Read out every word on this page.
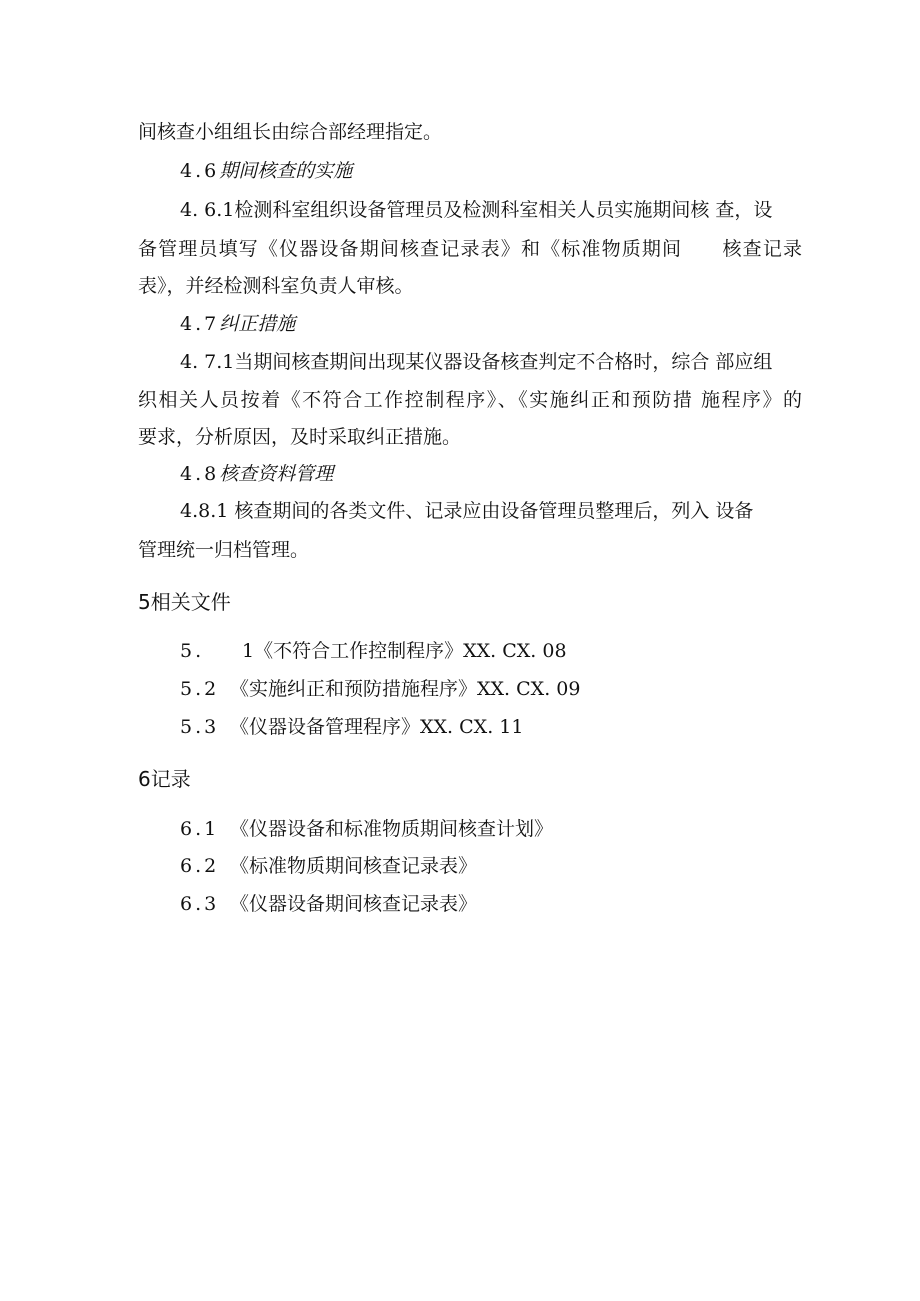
间核查小组组长由综合部经理指定。
4.6期间核查的实施
4. 6.1检测科室组织设备管理员及检测科室相关人员实施期间核 查，设
备管理员填写《仪器设备期间核查记录表》和《标准物质期间　　核查记录
表》，并经检测科室负责人审核。
4.7纠正措施
4. 7.1当期间核查期间出现某仪器设备核查判定不合格时，综合 部应组
织相关人员按着《不符合工作控制程序》、《实施纠正和预防措 施程序》的
要求，分析原因，及时采取纠正措施。
4.8核查资料管理
4.8.1 核查期间的各类文件、记录应由设备管理员整理后，列入 设备
管理统一归档管理。
5相关文件
5. 1《不符合工作控制程序》XX. CX. 08
5.2 《实施纠正和预防措施程序》XX. CX. 09
5.3 《仪器设备管理程序》XX. CX. 11
6记录
6.1 《仪器设备和标准物质期间核查计划》
6.2 《标准物质期间核查记录表》
6.3 《仪器设备期间核查记录表》
